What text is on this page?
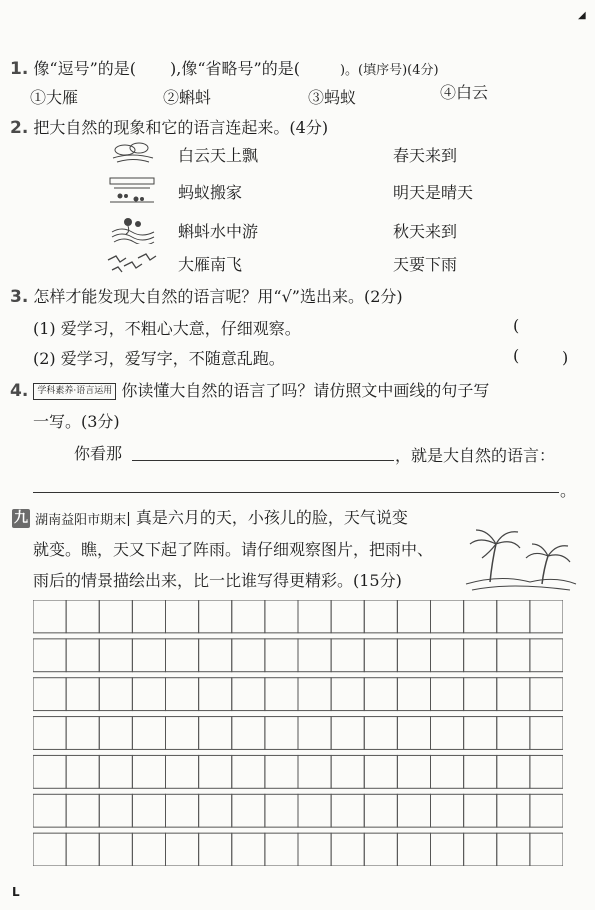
1. 像“逗号”的是( ),像“省略号”的是(	)。(填序号)(4分)
①大雁	②蝌蚪	③蚂蚁	④白云
2. 把大自然的现象和它的语言连起来。(4分)
白云天上飘
蚂蚁搬家
蝌蚪水中游
大雁南飞
春天来到
明天是晴天
秋天来到
天要下雨
3. 怎样才能发现大自然的语言呢？用“√”选出来。(2分)
(1) 爱学习，不粗心大意，仔细观察。	(
(2) 爱学习，爱写字，不随意乱跑。	(	)
4. 学科素养·语言运用 你读懂大自然的语言了吗？请仿照文中画线的句子写
一写。(3分)
你看那	，就是大自然的语言：
。
九 湖南益阳市期末| 真是六月的天，小孩儿的脸，天气说变
就变。瞧，天又下起了阵雨。请仔细观察图片，把雨中、
雨后的情景描绘出来，比一比谁写得更精彩。(15分)
L
◢
